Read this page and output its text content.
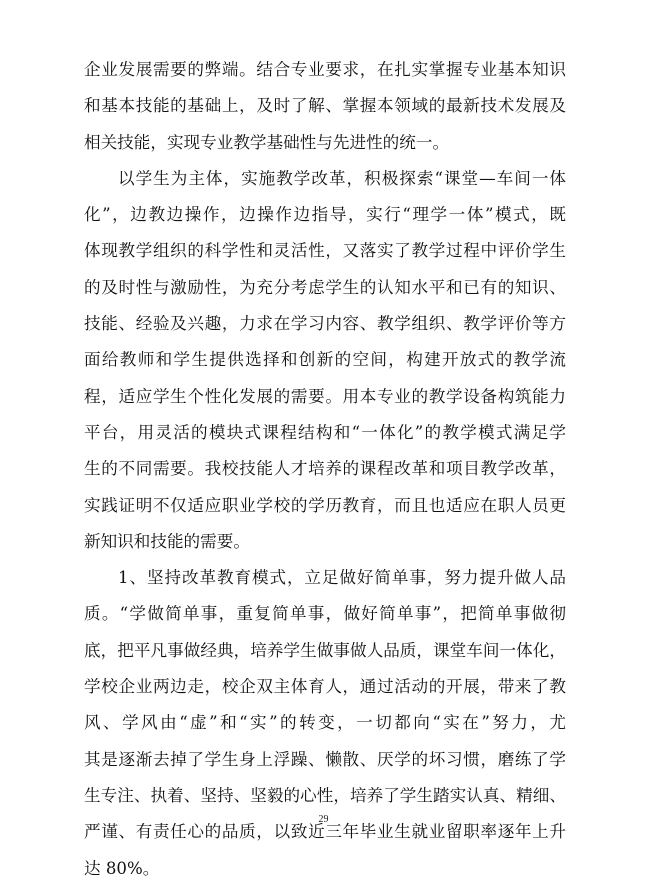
企业发展需要的弊端。结合专业要求，在扎实掌握专业基本知识
和基本技能的基础上，及时了解、掌握本领域的最新技术发展及
相关技能，实现专业教学基础性与先进性的统一。

以学生为主体，实施教学改革，积极探索“课堂—车间一体
化”，边教边操作，边操作边指导，实行“理学一体”模式，既
体现教学组织的科学性和灵活性，又落实了教学过程中评价学生
的及时性与激励性，为充分考虑学生的认知水平和已有的知识、
技能、经验及兴趣，力求在学习内容、教学组织、教学评价等方
面给教师和学生提供选择和创新的空间，构建开放式的教学流
程，适应学生个性化发展的需要。用本专业的教学设备构筑能力
平台，用灵活的模块式课程结构和“一体化”的教学模式满足学
生的不同需要。我校技能人才培养的课程改革和项目教学改革，
实践证明不仅适应职业学校的学历教育，而且也适应在职人员更
新知识和技能的需要。

1、坚持改革教育模式，立足做好简单事，努力提升做人品
质。“学做简单事，重复简单事，做好简单事”，把简单事做彻
底，把平凡事做经典，培养学生做事做人品质，课堂车间一体化，
学校企业两边走，校企双主体育人，通过活动的开展，带来了教
风、学风由“虚”和“实”的转变，一切都向“实在”努力，尤
其是逐渐去掉了学生身上浮躁、懒散、厌学的坏习惯，磨练了学
生专注、执着、坚持、坚毅的心性，培养了学生踏实认真、精细、
严谨、有责任心的品质，以致近三年毕业生就业留职率逐年上升
达 80%。

29
